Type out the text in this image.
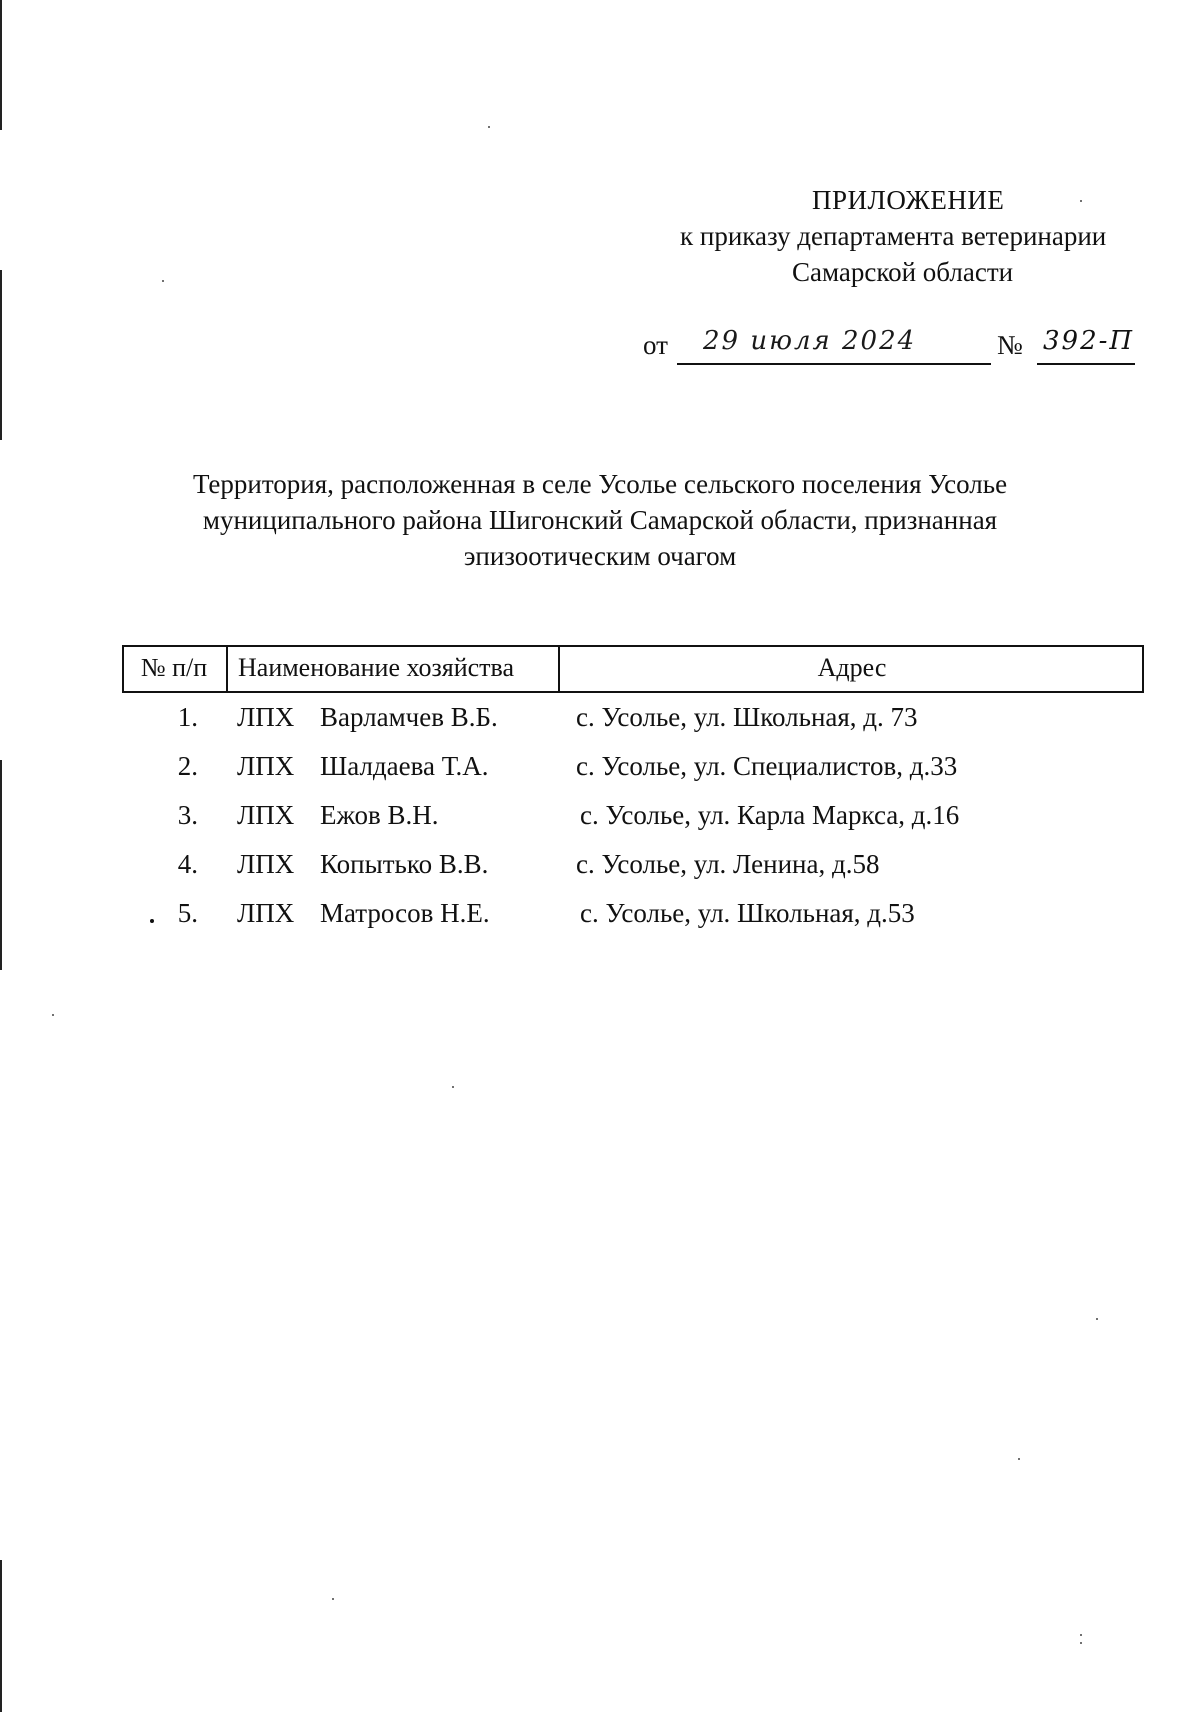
ПРИЛОЖЕНИЕ
к приказу департамента ветеринарии
Самарской области
от 29 июля 2024	№ 392-П
Территория, расположенная в селе Усолье сельского поселения Усолье
муниципального района Шигонский Самарской области, признанная
эпизоотическим очагом
№ п/п	Наименование хозяйства	Адрес
1. ЛПХ Варламчев В.Б.	с. Усолье, ул. Школьная, д. 73
2. ЛПХ Шалдаева Т.А.	с. Усолье, ул. Специалистов, д.33
3. ЛПХ Ежов В.Н.	с. Усолье, ул. Карла Маркса, д.16
4. ЛПХ Копытько В.В.	с. Усолье, ул. Ленина, д.58
5. ЛПХ Матросов Н.Е.	с. Усолье, ул. Школьная, д.53
